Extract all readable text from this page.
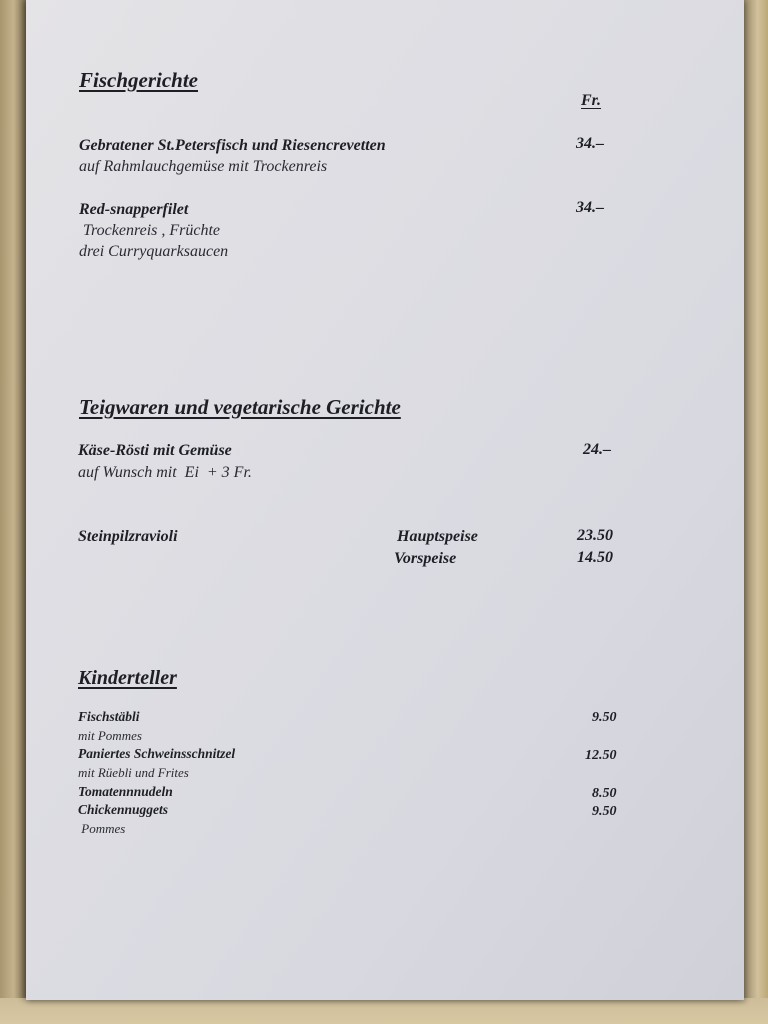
Fischgerichte
Fr.
Gebratener St.Petersfisch und Riesencrevetten	34.–
auf Rahmlauchgemüse mit Trockenreis
Red-snapperfilet	34.–
Trockenreis , Früchte
drei Curryquarksaucen
Teigwaren und vegetarische Gerichte
Käse-Rösti mit Gemüse	24.–
auf Wunsch mit  Ei  + 3 Fr.
Steinpilzravioli	Hauptspeise	23.50
Vorspeise	14.50
Kinderteller
Fischstäbli	9.50
mit Pommes
Paniertes Schweinsschnitzel	12.50
mit Rüebli und Frites
Tomatennnudeln	8.50
Chickennuggets	9.50
Pommes
